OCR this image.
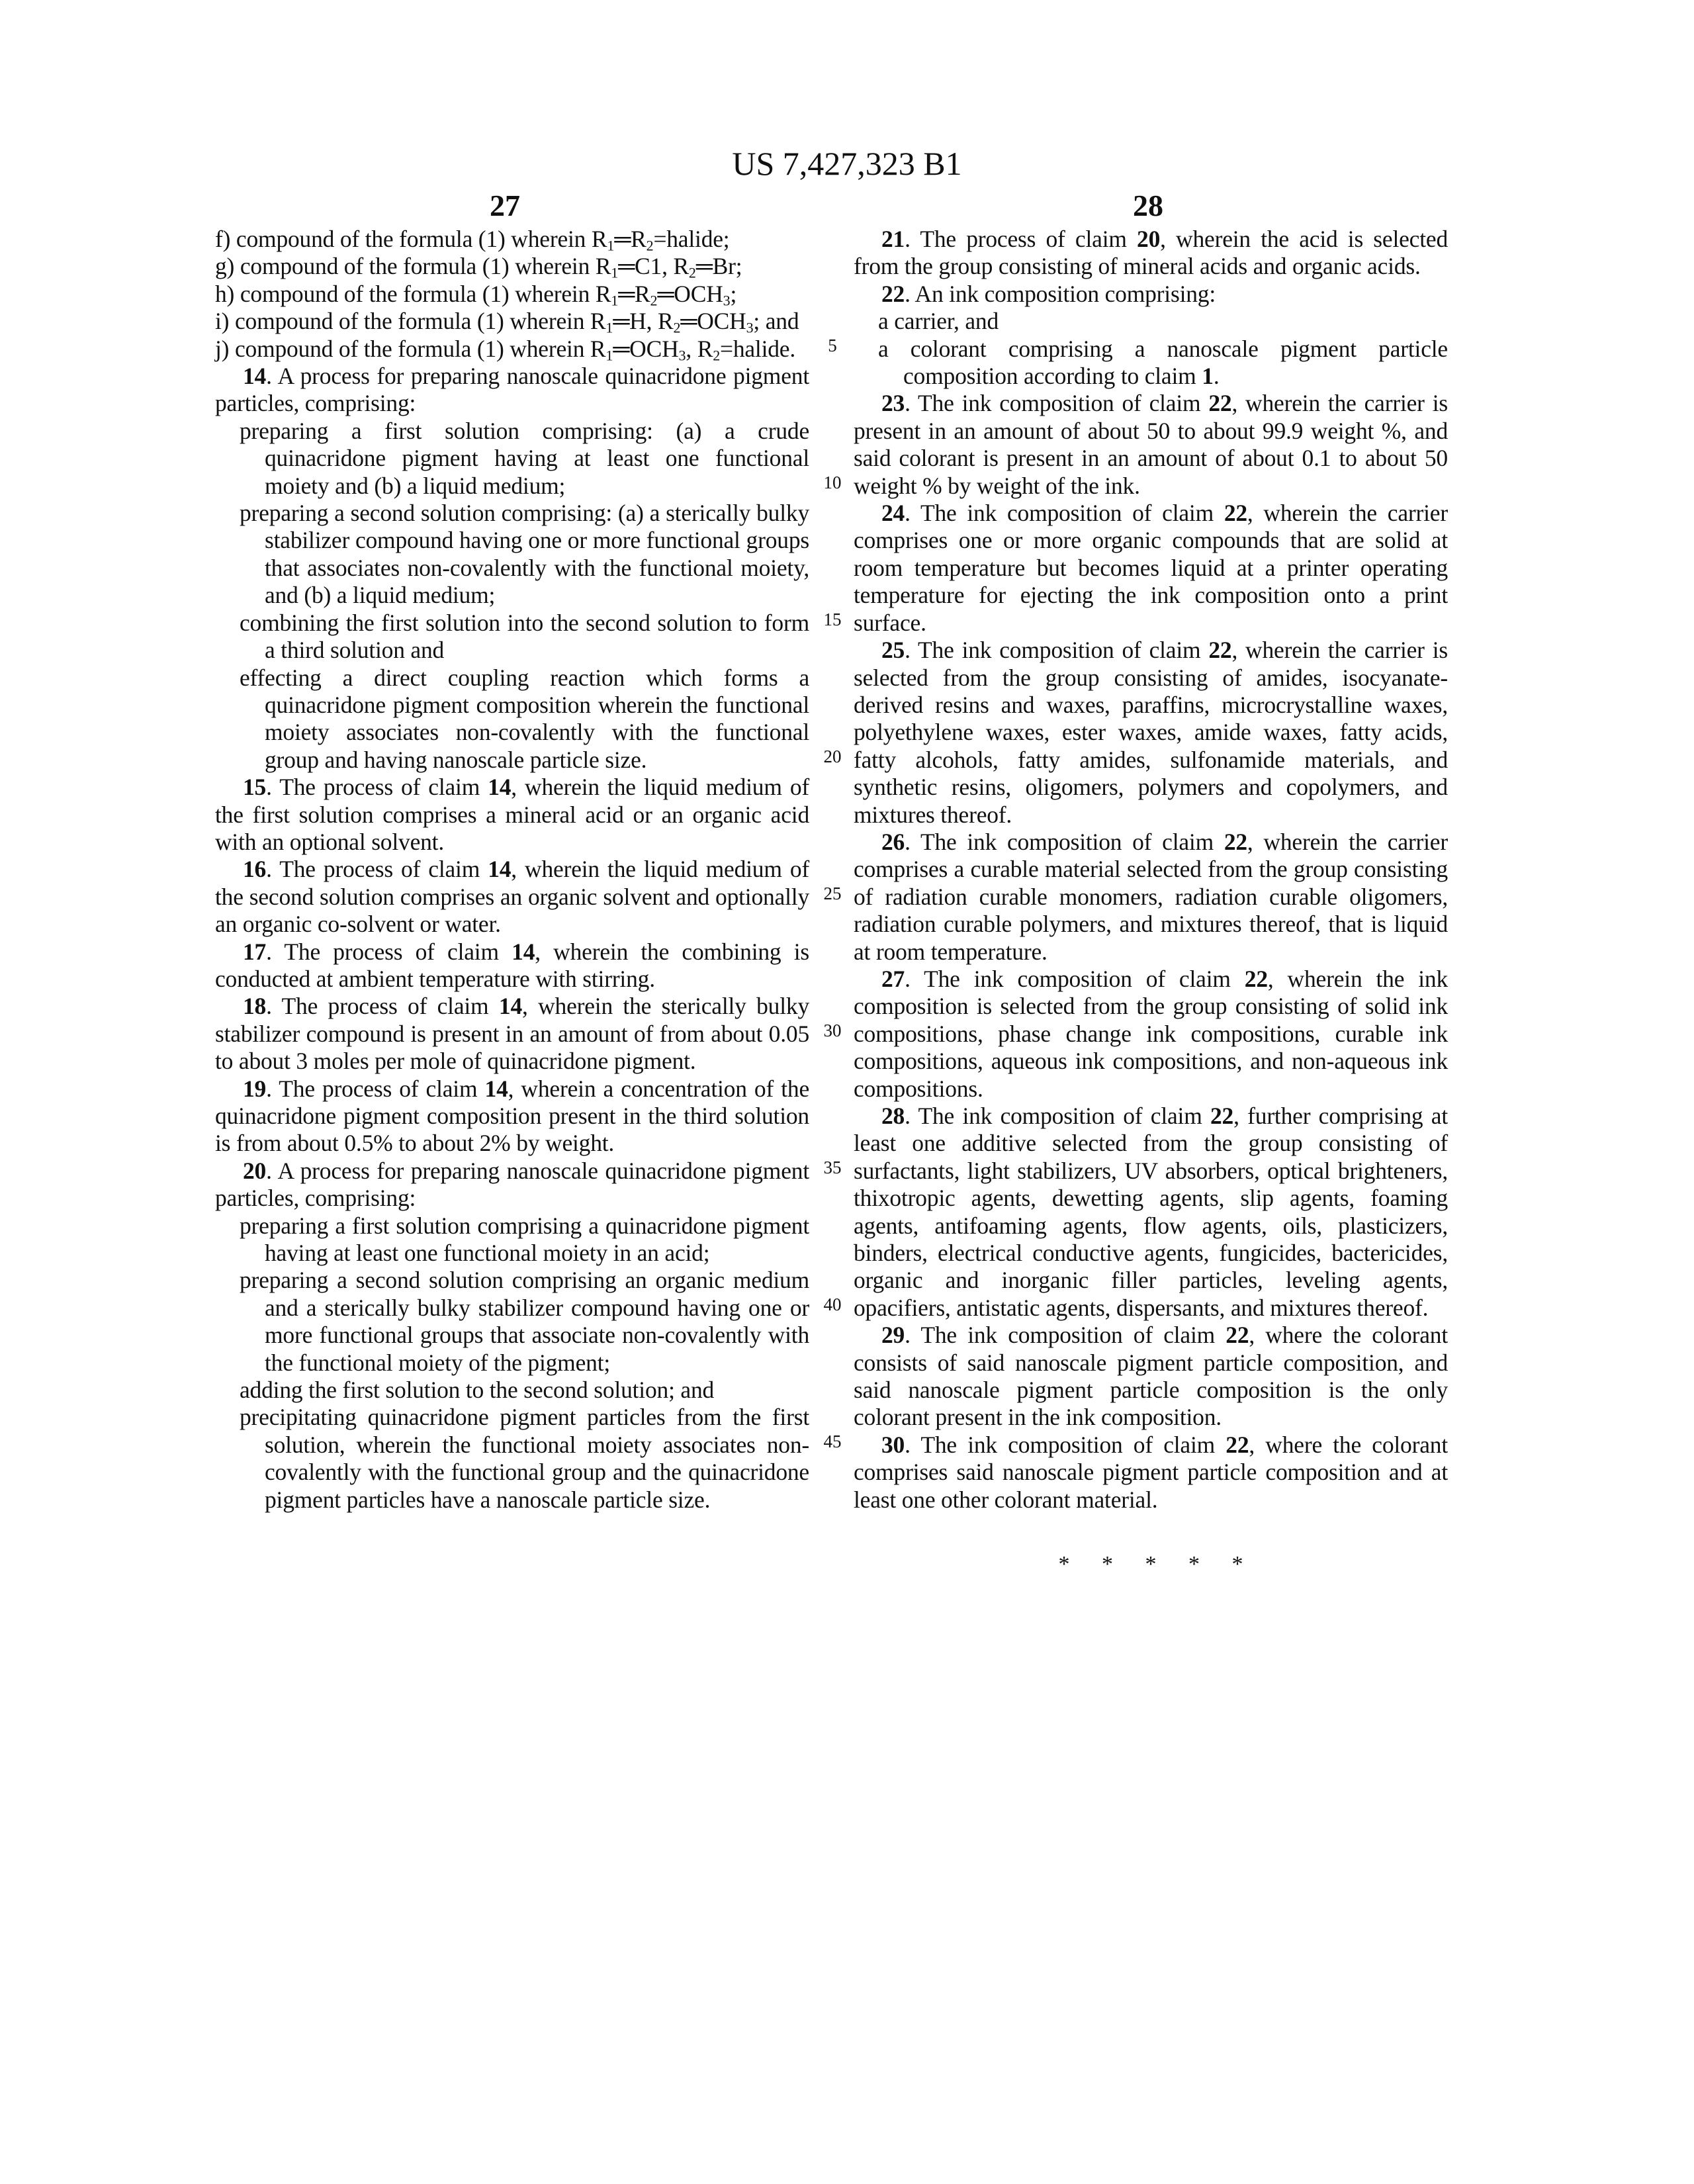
US 7,427,323 B1
27	28

f) compound of the formula (1) wherein R1═R2=halide;

g) compound of the formula (1) wherein R1═C1, R2═Br;

h) compound of the formula (1) wherein R1═R2═OCH3;

i) compound of the formula (1) wherein R1═H, R2═OCH3; and

j) compound of the formula (1) wherein R1═OCH3, R2=halide.

14. A process for preparing nanoscale quinacridone pigment particles, comprising:

preparing a first solution comprising: (a) a crude quinacridone pigment having at least one functional moiety and (b) a liquid medium;

preparing a second solution comprising: (a) a sterically bulky stabilizer compound having one or more functional groups that associates non-covalently with the functional moiety, and (b) a liquid medium;

combining the first solution into the second solution to form a third solution and

effecting a direct coupling reaction which forms a quinacridone pigment composition wherein the functional moiety associates non-covalently with the functional group and having nanoscale particle size.

15. The process of claim 14, wherein the liquid medium of the first solution comprises a mineral acid or an organic acid with an optional solvent.

16. The process of claim 14, wherein the liquid medium of the second solution comprises an organic solvent and optionally an organic co-solvent or water.

17. The process of claim 14, wherein the combining is conducted at ambient temperature with stirring.

18. The process of claim 14, wherein the sterically bulky stabilizer compound is present in an amount of from about 0.05 to about 3 moles per mole of quinacridone pigment.

19. The process of claim 14, wherein a concentration of the quinacridone pigment composition present in the third solution is from about 0.5% to about 2% by weight.

20. A process for preparing nanoscale quinacridone pigment particles, comprising:

preparing a first solution comprising a quinacridone pigment having at least one functional moiety in an acid;

preparing a second solution comprising an organic medium and a sterically bulky stabilizer compound having one or more functional groups that associate non-covalently with the functional moiety of the pigment;

adding the first solution to the second solution; and

precipitating quinacridone pigment particles from the first solution, wherein the functional moiety associates non-covalently with the functional group and the quinacridone pigment particles have a nanoscale particle size.

5
10
15
20
25
30
35
40
45

21. The process of claim 20, wherein the acid is selected from the group consisting of mineral acids and organic acids.

22. An ink composition comprising:

a carrier, and

a colorant comprising a nanoscale pigment particle composition according to claim 1.

23. The ink composition of claim 22, wherein the carrier is present in an amount of about 50 to about 99.9 weight %, and said colorant is present in an amount of about 0.1 to about 50 weight % by weight of the ink.

24. The ink composition of claim 22, wherein the carrier comprises one or more organic compounds that are solid at room temperature but becomes liquid at a printer operating temperature for ejecting the ink composition onto a print surface.

25. The ink composition of claim 22, wherein the carrier is selected from the group consisting of amides, isocyanate-derived resins and waxes, paraffins, microcrystalline waxes, polyethylene waxes, ester waxes, amide waxes, fatty acids, fatty alcohols, fatty amides, sulfonamide materials, and synthetic resins, oligomers, polymers and copolymers, and mixtures thereof.

26. The ink composition of claim 22, wherein the carrier comprises a curable material selected from the group consisting of radiation curable monomers, radiation curable oligomers, radiation curable polymers, and mixtures thereof, that is liquid at room temperature.

27. The ink composition of claim 22, wherein the ink composition is selected from the group consisting of solid ink compositions, phase change ink compositions, curable ink compositions, aqueous ink compositions, and non-aqueous ink compositions.

28. The ink composition of claim 22, further comprising at least one additive selected from the group consisting of surfactants, light stabilizers, UV absorbers, optical brighteners, thixotropic agents, dewetting agents, slip agents, foaming agents, antifoaming agents, flow agents, oils, plasticizers, binders, electrical conductive agents, fungicides, bactericides, organic and inorganic filler particles, leveling agents, opacifiers, antistatic agents, dispersants, and mixtures thereof.

29. The ink composition of claim 22, where the colorant consists of said nanoscale pigment particle composition, and said nanoscale pigment particle composition is the only colorant present in the ink composition.

30. The ink composition of claim 22, where the colorant comprises said nanoscale pigment particle composition and at least one other colorant material.

* * * * *
